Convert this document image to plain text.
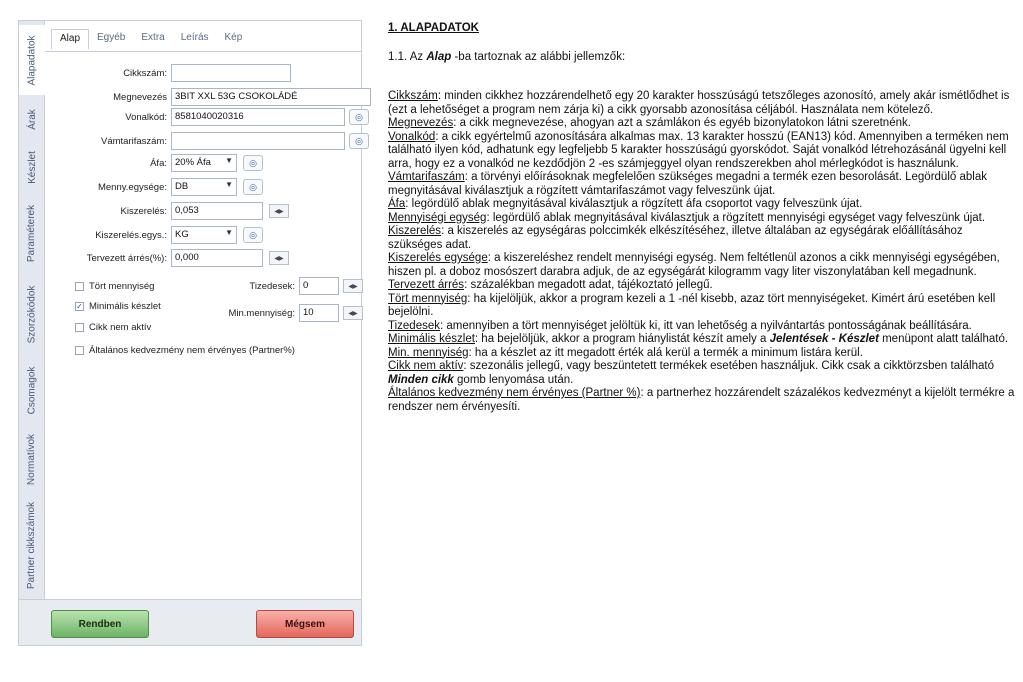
Alapadatok
Árak
Készlet
Paraméterek
Szorzókódok
Csomagok
Normatívok
Partner cikkszámok
Alap	Egyéb	Extra	Leírás	Kép
Cikkszám:
Megnevezés 3BIT XXL 53G CSOKOLÁDÉ
Vonalkód: 8581040020316	◎
Vámtarifaszám:	◎
Áfa: 20% Áfa ▼	◎
Menny.egysége: DB	▼	◎
Kiszerelés: 0,053	◀▶
Kiszerelés.egys.: KG	▼	◎
Tervezett árrés(%): 0,000	◀▶
Tört mennyiség	Tizedesek: 0	◀▶
✓ Minimális készlet
Min.mennyiség: 10	◀▶
Cikk nem aktív
Általános kedvezmény nem érvényes (Partner%)
Rendben	Mégsem
1. ALAPADATOK
1.1. Az Alap -ba tartoznak az alábbi jellemzők:
Cikkszám: minden cikkhez hozzárendelhető egy 20 karakter hosszúságú tetszőleges azonosító, amely akár ismétlődhet is (ezt a lehetőséget a program nem zárja ki) a cikk gyorsabb azonosítása céljából. Használata nem kötelező.
Megnevezés: a cikk megnevezése, ahogyan azt a számlákon és egyéb bizonylatokon látni szeretnénk.
Vonalkód: a cikk egyértelmű azonosítására alkalmas max. 13 karakter hosszú (EAN13) kód. Amennyiben a terméken nem található ilyen kód, adhatunk egy legfeljebb 5 karakter hosszúságú gyorskódot. Saját vonalkód létrehozásánál ügyelni kell arra, hogy ez a vonalkód ne kezdődjön 2 -es számjeggyel olyan rendszerekben ahol mérlegkódot is használunk.
Vámtarifaszám: a törvényi előírásoknak megfelelően szükséges megadni a termék ezen besorolását. Legördülő ablak megnyitásával kiválasztjuk a rögzített vámtarifaszámot vagy felveszünk újat.
Áfa: legördülő ablak megnyitásával kiválasztjuk a rögzített áfa csoportot vagy felveszünk újat.
Mennyiségi egység: legördülő ablak megnyitásával kiválasztjuk a rögzített mennyiségi egységet vagy felveszünk újat.
Kiszerelés: a kiszerelés az egységáras polccimkék elkészítéséhez, illetve általában az egységárak előállításához szükséges adat.
Kiszerelés egysége: a kiszereléshez rendelt mennyiségi egység. Nem feltétlenül azonos a cikk mennyiségi egységében, hiszen pl. a doboz mosószert darabra adjuk, de az egységárát kilogramm vagy liter viszonylatában kell megadnunk.
Tervezett árrés: százalékban megadott adat, tájékoztató jellegű.
Tört mennyiség: ha kijelöljük, akkor a program kezeli a 1 -nél kisebb, azaz tört mennyiségeket. Kimért árú esetében kell bejelölni.
Tizedesek: amennyiben a tört mennyiséget jelöltük ki, itt van lehetőség a nyilvántartás pontosságának beállítására.
Minimális készlet: ha bejelöljük, akkor a program hiánylistát készít amely a Jelentések - Készlet menüpont alatt található.
Min. mennyiség: ha a készlet az itt megadott érték alá kerül a termék a minimum listára kerül.
Cikk nem aktív: szezonális jellegű, vagy beszüntetett termékek esetében használjuk. Cikk csak a cikktörzsben található Minden cikk gomb lenyomása után.
Általános kedvezmény nem érvényes (Partner %): a partnerhez hozzárendelt százalékos kedvezményt a kijelölt termékre a rendszer nem érvényesíti.
